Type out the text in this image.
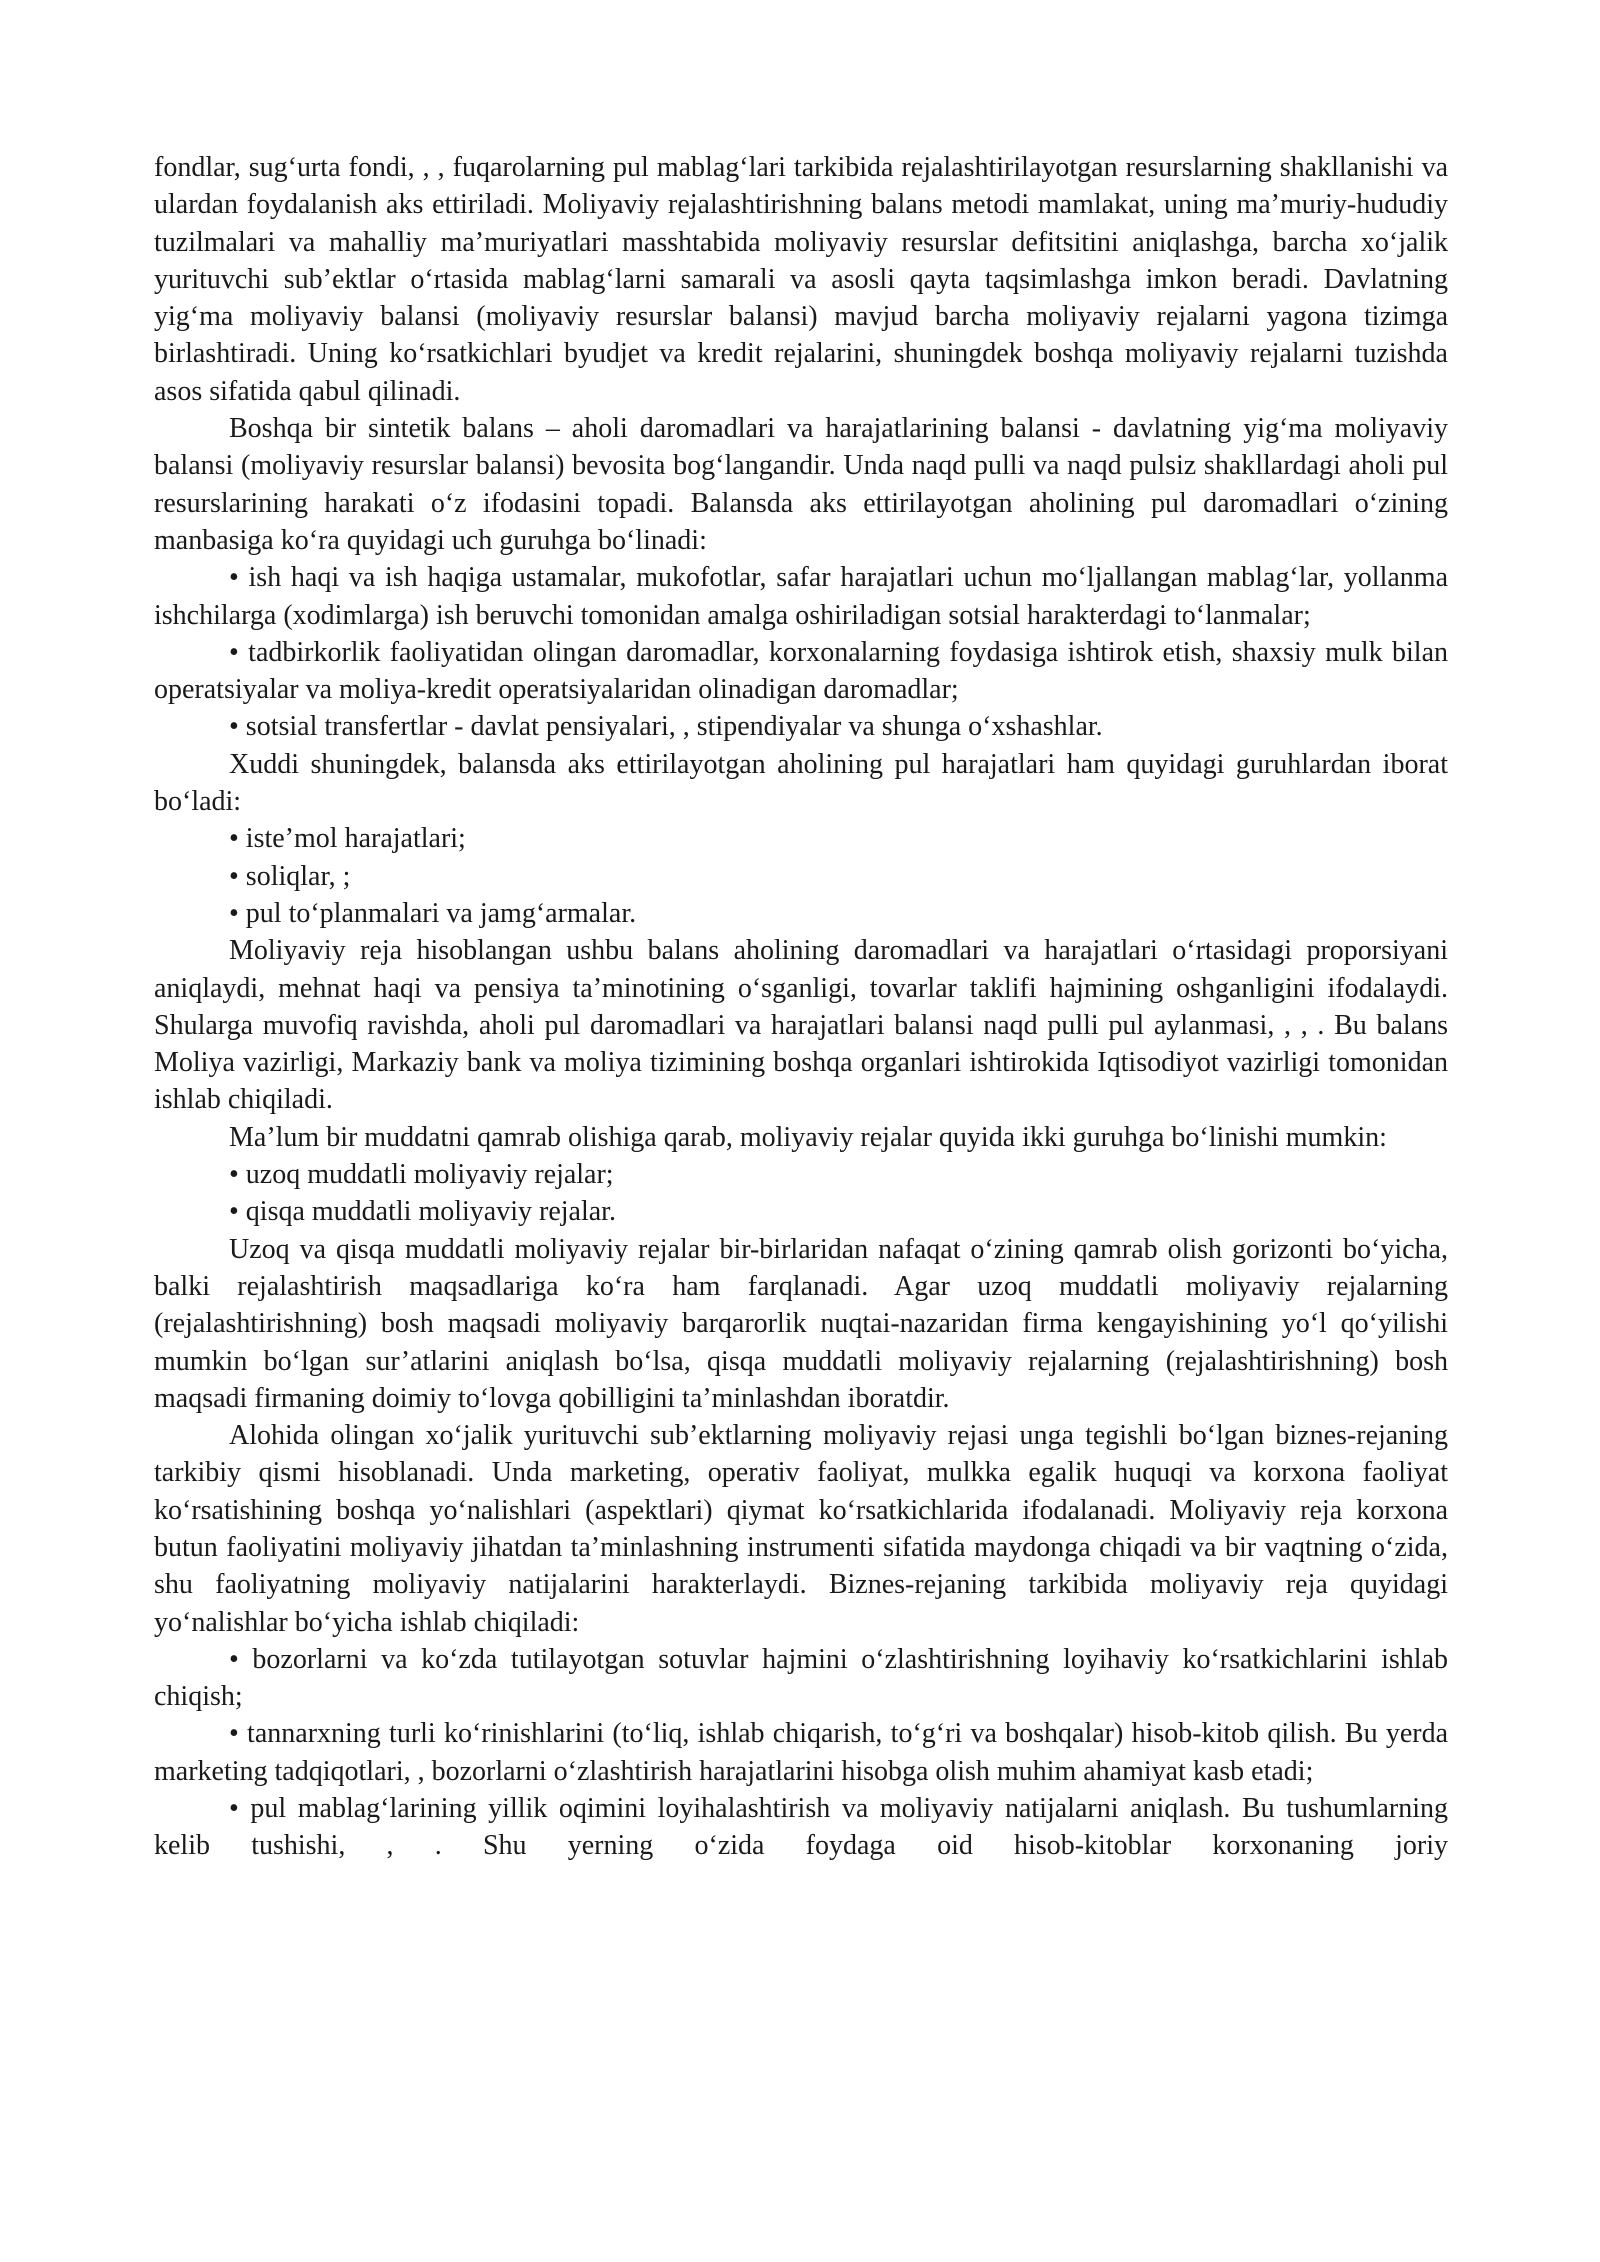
fondlar, sug‘urta fondi, , , fuqarolarning pul mablag‘lari tarkibida rejalashtirilayotgan resurslarning shakllanishi va ulardan foydalanish aks ettiriladi. Moliyaviy rejalashtirishning balans metodi mamlakat, uning ma’muriy-hududiy tuzilmalari va mahalliy ma’muriyatlari masshtabida moliyaviy resurslar defitsitini aniqlashga, barcha xo‘jalik yurituvchi sub’ektlar o‘rtasida mablag‘larni samarali va asosli qayta taqsimlashga imkon beradi. Davlatning yig‘ma moliyaviy balansi (moliyaviy resurslar balansi) mavjud barcha moliyaviy rejalarni yagona tizimga birlashtiradi. Uning ko‘rsatkichlari byudjet va kredit rejalarini, shuningdek boshqa moliyaviy rejalarni tuzishda asos sifatida qabul qilinadi.

Boshqa bir sintetik balans – aholi daromadlari va harajatlarining balansi - davlatning yig‘ma moliyaviy balansi (moliyaviy resurslar balansi) bevosita bog‘langandir. Unda naqd pulli va naqd pulsiz shakllardagi aholi pul resurslarining harakati o‘z ifodasini topadi. Balansda aks ettirilayotgan aholining pul daromadlari o‘zining manbasiga ko‘ra quyidagi uch guruhga bo‘linadi:

• ish haqi va ish haqiga ustamalar, mukofotlar, safar harajatlari uchun mo‘ljallangan mablag‘lar, yollanma ishchilarga (xodimlarga) ish beruvchi tomonidan amalga oshiriladigan sotsial harakterdagi to‘lanmalar;

• tadbirkorlik faoliyatidan olingan daromadlar, korxonalarning foydasiga ishtirok etish, shaxsiy mulk bilan operatsiyalar va moliya-kredit operatsiyalaridan olinadigan daromadlar;

• sotsial transfertlar - davlat pensiyalari, , stipendiyalar va shunga o‘xshashlar.

Xuddi shuningdek, balansda aks ettirilayotgan aholining pul harajatlari ham quyidagi guruhlardan iborat bo‘ladi:

• iste’mol harajatlari;

• soliqlar, ;

• pul to‘planmalari va jamg‘armalar.

Moliyaviy reja hisoblangan ushbu balans aholining daromadlari va harajatlari o‘rtasidagi proporsiyani aniqlaydi, mehnat haqi va pensiya ta’minotining o‘sganligi, tovarlar taklifi hajmining oshganligini ifodalaydi. Shularga muvofiq ravishda, aholi pul daromadlari va harajatlari balansi naqd pulli pul aylanmasi, , , . Bu balans Moliya vazirligi, Markaziy bank va moliya tizimining boshqa organlari ishtirokida Iqtisodiyot vazirligi tomonidan ishlab chiqiladi.

Ma’lum bir muddatni qamrab olishiga qarab, moliyaviy rejalar quyida ikki guruhga bo‘linishi mumkin:

• uzoq muddatli moliyaviy rejalar;

• qisqa muddatli moliyaviy rejalar.

Uzoq va qisqa muddatli moliyaviy rejalar bir-birlaridan nafaqat o‘zining qamrab olish gorizonti bo‘yicha, balki rejalashtirish maqsadlariga ko‘ra ham farqlanadi. Agar uzoq muddatli moliyaviy rejalarning (rejalashtirishning) bosh maqsadi moliyaviy barqarorlik nuqtai-nazaridan firma kengayishining yo‘l qo‘yilishi mumkin bo‘lgan sur’atlarini aniqlash bo‘lsa, qisqa muddatli moliyaviy rejalarning (rejalashtirishning) bosh maqsadi firmaning doimiy to‘lovga qobilligini ta’minlashdan iboratdir.

Alohida olingan xo‘jalik yurituvchi sub’ektlarning moliyaviy rejasi unga tegishli bo‘lgan biznes-rejaning tarkibiy qismi hisoblanadi. Unda marketing, operativ faoliyat, mulkka egalik huquqi va korxona faoliyat ko‘rsatishining boshqa yo‘nalishlari (aspektlari) qiymat ko‘rsatkichlarida ifodalanadi. Moliyaviy reja korxona butun faoliyatini moliyaviy jihatdan ta’minlashning instrumenti sifatida maydonga chiqadi va bir vaqtning o‘zida, shu faoliyatning moliyaviy natijalarini harakterlaydi. Biznes-rejaning tarkibida moliyaviy reja quyidagi yo‘nalishlar bo‘yicha ishlab chiqiladi:

• bozorlarni va ko‘zda tutilayotgan sotuvlar hajmini o‘zlashtirishning loyihaviy ko‘rsatkichlarini ishlab chiqish;

• tannarxning turli ko‘rinishlarini (to‘liq, ishlab chiqarish, to‘g‘ri va boshqalar) hisob-kitob qilish. Bu yerda marketing tadqiqotlari, , bozorlarni o‘zlashtirish harajatlarini hisobga olish muhim ahamiyat kasb etadi;

• pul mablag‘larining yillik oqimini loyihalashtirish va moliyaviy natijalarni aniqlash. Bu tushumlarning kelib tushishi, , . Shu yerning o‘zida foydaga oid hisob-kitoblar korxonaning joriy
